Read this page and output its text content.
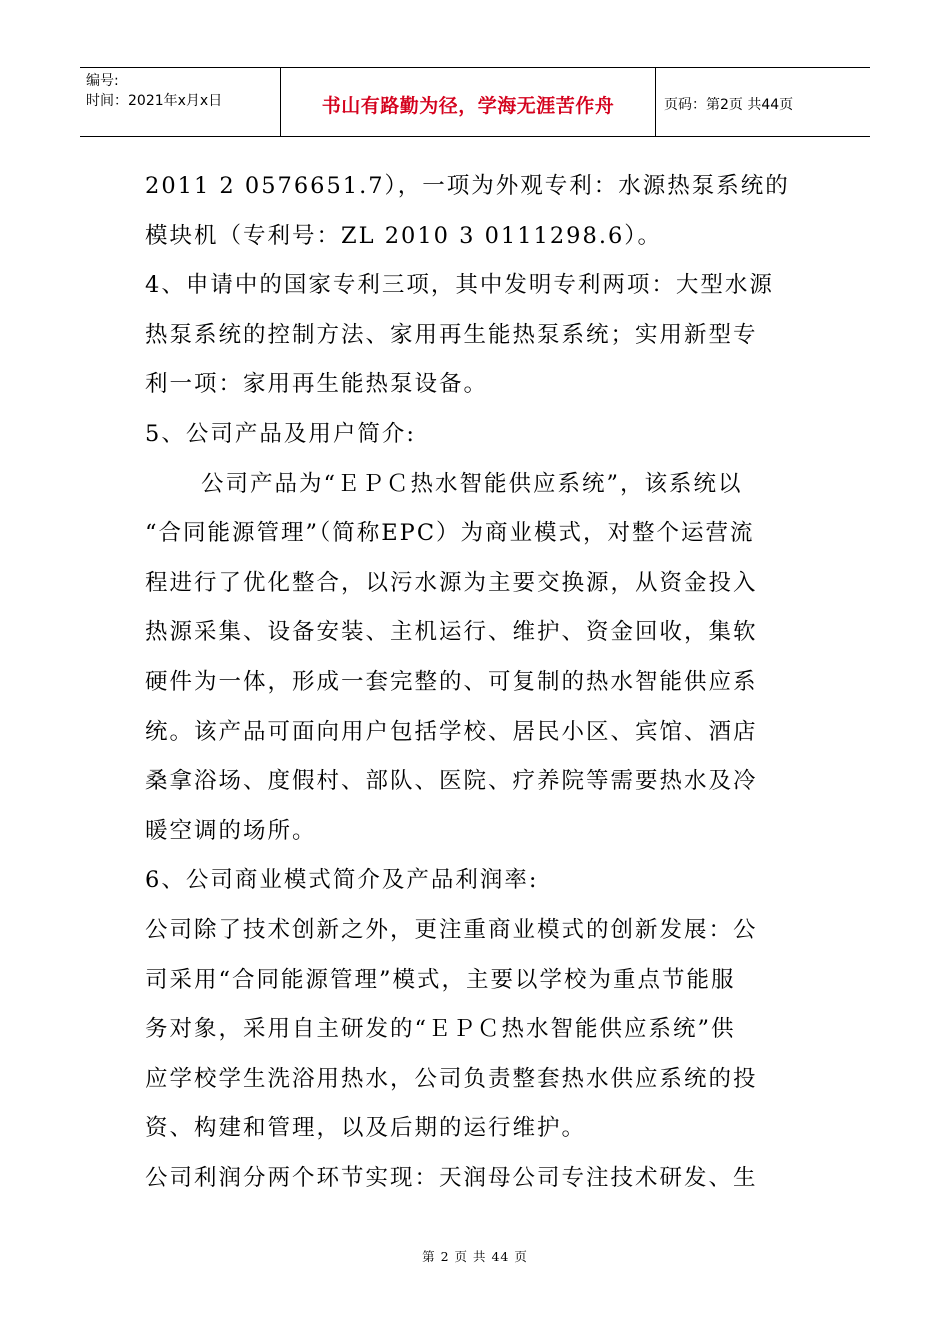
编号:
时间：2021年x月x日	书山有路勤为径，学海无涯苦作舟	页码：第2页 共44页
2011 2 0576651.7），一项为外观专利：水源热泵系统的
模块机（专利号：ZL 2010 3 0111298.6）。
4、申请中的国家专利三项，其中发明专利两项：大型水源
热泵系统的控制方法、家用再生能热泵系统；实用新型专
利一项：家用再生能热泵设备。
5、公司产品及用户简介:
公司产品为“ＥＰＣ热水智能供应系统”，该系统以
“合同能源管理”（简称EPC）为商业模式，对整个运营流
程进行了优化整合，以污水源为主要交换源，从资金投入
热源采集、设备安装、主机运行、维护、资金回收，集软
硬件为一体，形成一套完整的、可复制的热水智能供应系
统。该产品可面向用户包括学校、居民小区、宾馆、酒店
桑拿浴场、度假村、部队、医院、疗养院等需要热水及冷
暖空调的场所。
6、公司商业模式简介及产品利润率:
公司除了技术创新之外，更注重商业模式的创新发展：公
司采用“合同能源管理”模式，主要以学校为重点节能服
务对象，采用自主研发的“ＥＰＣ热水智能供应系统”供
应学校学生洗浴用热水，公司负责整套热水供应系统的投
资、构建和管理，以及后期的运行维护。
公司利润分两个环节实现：天润母公司专注技术研发、生
第 2 页 共 44 页
